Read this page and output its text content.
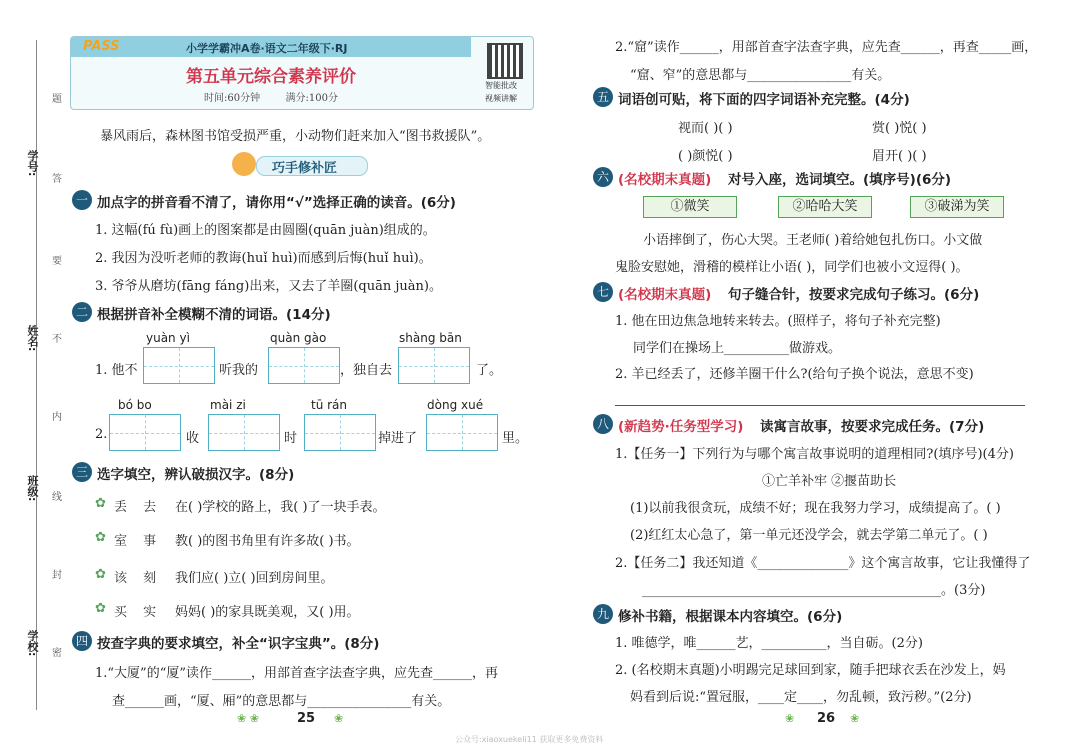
学号:
姓名:
班级:
学校:
题
答
要
不
内
线
封
密
PASS	小学学霸冲A卷·语文二年级下·RJ
第五单元综合素养评价
时间:60分钟        满分:100分
智能批改
视频讲解
暴风雨后，森林图书馆受损严重，小动物们赶来加入“图书救援队”。
巧手修补匠
一 加点字的拼音看不清了，请你用“√”选择正确的读音。(6分)
1. 这幅(fú fù)画上的图案都是由圆圈(quān juàn)组成的。
2. 我因为没听老师的教诲(huǐ huì)而感到后悔(huǐ huì)。
3. 爷爷从磨坊(fāng fáng)出来，又去了羊圈(quān juàn)。
二 根据拼音补全模糊不清的词语。(14分)
yuàn yì	quàn gào	shàng bān
1. 他不	听我的	，独自去	了。
bó bo	mài zi	tū rán	dòng xué
2.	收	时	掉进了	里。
三 选字填空，辨认破损汉字。(8分)
✿ 丢 去 在( )学校的路上，我( )了一块手表。
✿ 室 事 教( )的图书角里有许多故( )书。
✿ 该 刻 我们应( )立( )回到房间里。
✿ 买 实 妈妈( )的家具既美观，又( )用。
四 按查字典的要求填空，补全“识字宝典”。(8分)
1.“大厦”的“厦”读作______，用部首查字法查字典，应先查______，再
查______画，“厦、厢”的意思都与________________有关。
❀ ❀	25 ❀
2.“窟”读作______，用部首查字法查字典，应先查______，再查_____画，
“窟、窄”的意思都与________________有关。
五 词语创可贴，将下面的四字词语补充完整。(4分)
视而( )( )	赏( )悦( )
( )颜悦( )	眉开( )( )
六 (名校期末真题) 对号入座，选词填空。(填序号)(6分)
①微笑	②哈哈大笑	③破涕为笑
小语摔倒了，伤心大哭。王老师( )着给她包扎伤口。小文做
鬼脸安慰她，滑稽的模样让小语( )，同学们也被小文逗得( )。
七 (名校期末真题) 句子缝合针，按要求完成句子练习。(6分)
1. 他在田边焦急地转来转去。(照样子，将句子补充完整)
同学们在操场上__________做游戏。
2. 羊已经丢了，还修羊圈干什么?(给句子换个说法，意思不变)
八 (新趋势·任务型学习) 读寓言故事，按要求完成任务。(7分)
1.【任务一】下列行为与哪个寓言故事说明的道理相同?(填序号)(4分)
①亡羊补牢 ②揠苗助长
(1)以前我很贪玩，成绩不好；现在我努力学习，成绩提高了。( )
(2)红红太心急了，第一单元还没学会，就去学第二单元了。( )
2.【任务二】我还知道《______________》这个寓言故事，它让我懂得了
______________________________________________。(3分)
九 修补书籍，根据课本内容填空。(6分)
1. 唯德学，唯______艺，__________，当自砺。(2分)
2. (名校期末真题)小明踢完足球回到家，随手把球衣丢在沙发上，妈
妈看到后说:“置冠服，____定____，勿乱顿，致污秽。”(2分)
❀ 26 ❀
公众号:xiaoxuekeli11 获取更多免费资料
